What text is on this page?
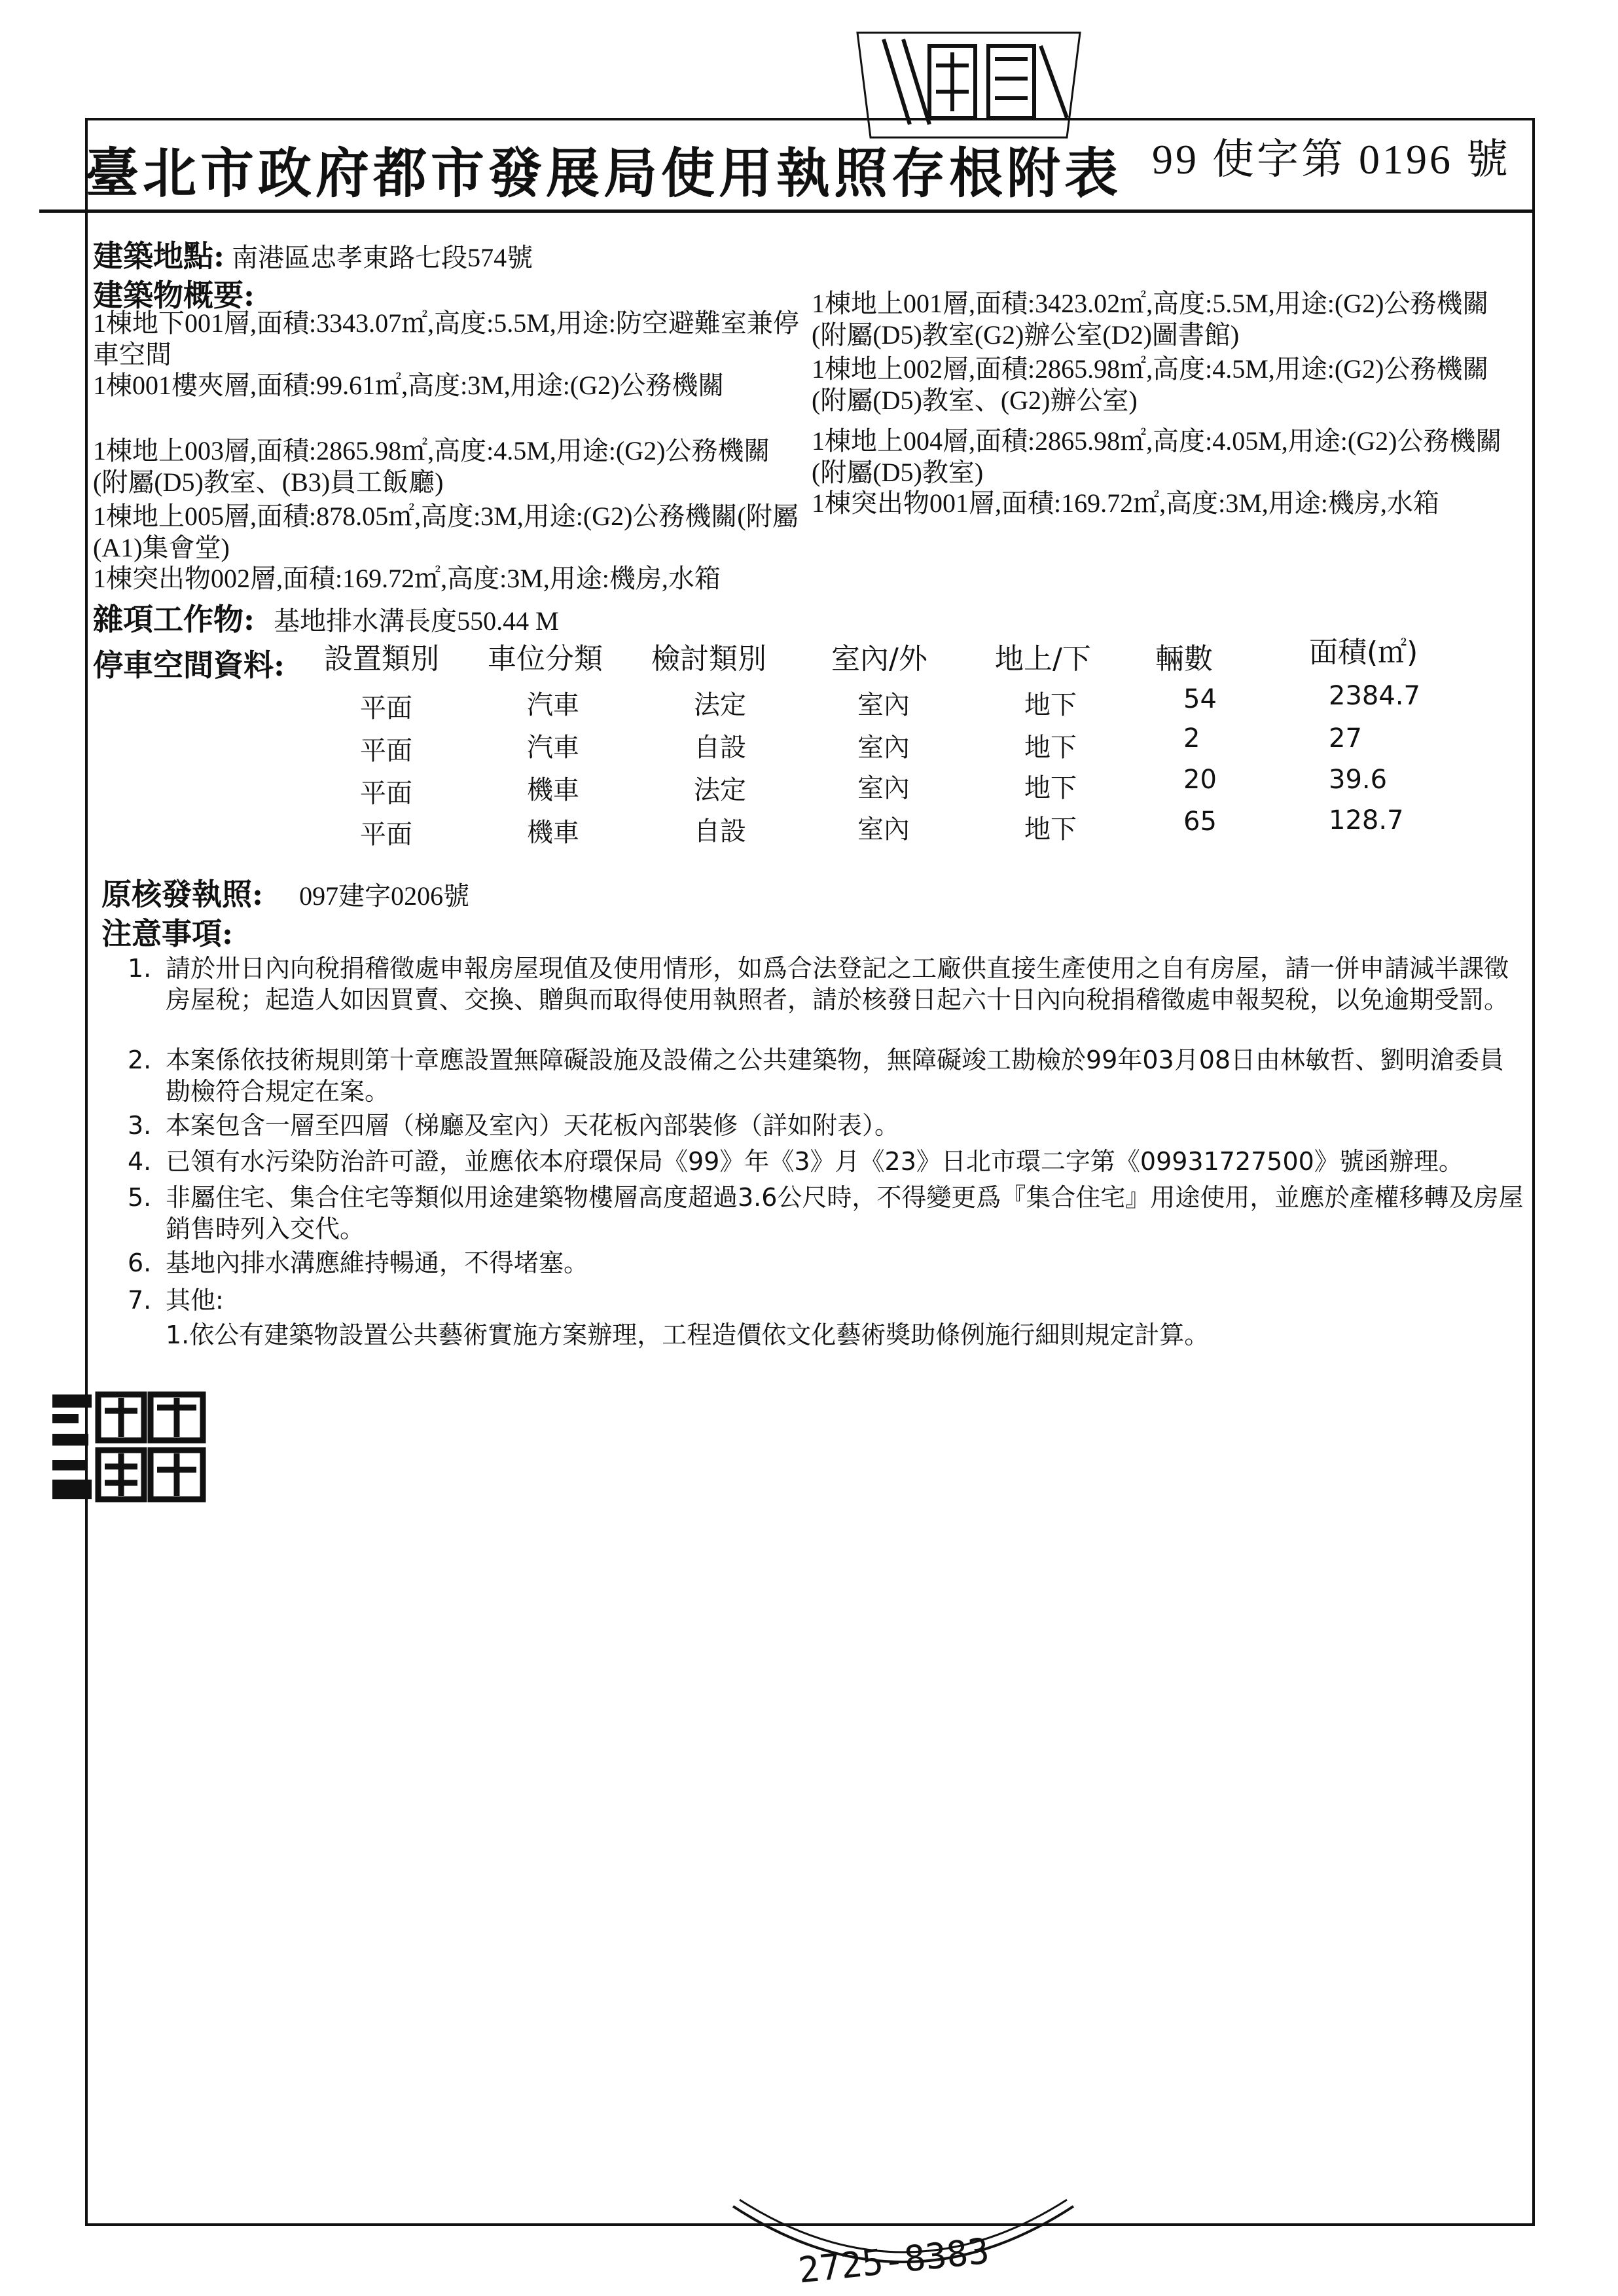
臺北市政府都市發展局使用執照存根附表 99 使字第 0196 號
建築地點: 南港區忠孝東路七段574號
建築物概要:
1棟地下001層,面積:3343.07㎡,高度:5.5M,用途:防空避難室兼停車空間
1棟001樓夾層,面積:99.61㎡,高度:3M,用途:(G2)公務機關
1棟地上003層,面積:2865.98㎡,高度:4.5M,用途:(G2)公務機關(附屬(D5)教室、(B3)員工飯廳)
1棟地上005層,面積:878.05㎡,高度:3M,用途:(G2)公務機關(附屬(A1)集會堂)
1棟突出物002層,面積:169.72㎡,高度:3M,用途:機房,水箱
1棟地上001層,面積:3423.02㎡,高度:5.5M,用途:(G2)公務機關(附屬(D5)教室(G2)辦公室(D2)圖書館)
1棟地上002層,面積:2865.98㎡,高度:4.5M,用途:(G2)公務機關(附屬(D5)教室、(G2)辦公室)
1棟地上004層,面積:2865.98㎡,高度:4.05M,用途:(G2)公務機關(附屬(D5)教室)
1棟突出物001層,面積:169.72㎡,高度:3M,用途:機房,水箱
雜項工作物: 基地排水溝長度550.44 M
停車空間資料: 設置類別 車位分類 檢討類別 室內/外 地上/下 輛數	面積(㎡)
平面	汽車	法定	室內	地下	54	2384.7
平面	汽車	自設	室內	地下	2	27
平面	機車	法定	室內	地下	20	39.6
平面	機車	自設	室內	地下	65	128.7
原核發執照: 097建字0206號
注意事項:
1. 請於卅日內向稅捐稽徵處申報房屋現值及使用情形，如爲合法登記之工廠供直接生產使用之自有房屋，請一併申請減半課徵房屋稅；起造人如因買賣、交換、贈與而取得使用執照者，請於核發日起六十日內向稅捐稽徵處申報契稅，以免逾期受罰。
2. 本案係依技術規則第十章應設置無障礙設施及設備之公共建築物，無障礙竣工勘檢於99年03月08日由林敏哲、劉明滄委員勘檢符合規定在案。
3. 本案包含一層至四層（梯廳及室內）天花板內部裝修（詳如附表）。
4. 已領有水污染防治許可證，並應依本府環保局《99》年《3》月《23》日北市環二字第《09931727500》號函辦理。
5. 非屬住宅、集合住宅等類似用途建築物樓層高度超過3.6公尺時，不得變更爲『集合住宅』用途使用，並應於產權移轉及房屋銷售時列入交代。
6. 基地內排水溝應維持暢通，不得堵塞。
7. 其他:
1.依公有建築物設置公共藝術實施方案辦理，工程造價依文化藝術獎助條例施行細則規定計算。
2725-8383
